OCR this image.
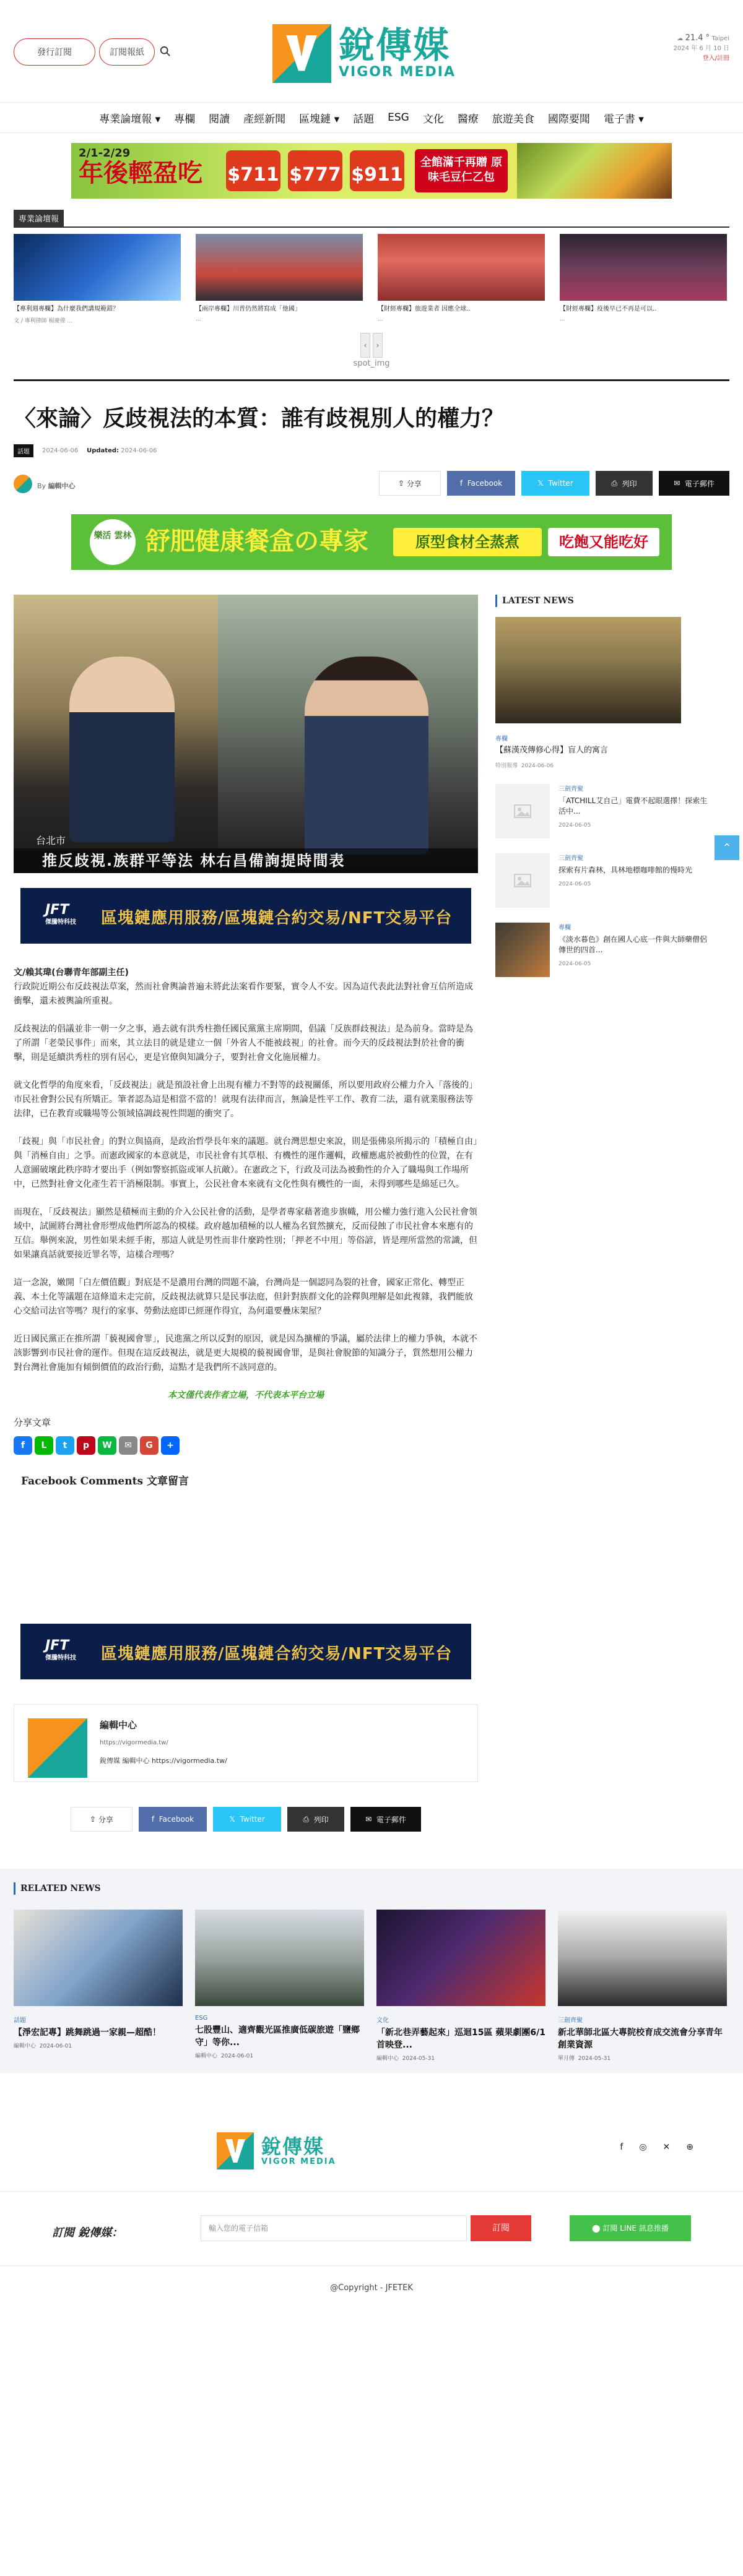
發行訂閱	訂閱報紙	銳傳媒
VIGOR MEDIA
☁ 21.4 ° Taipei
2024 年 6 月 10 日
登入/註冊
專業論壇報 ▾ 專欄 閱讀 產經新聞 區塊鏈 ▾ 話題 ESG 文化 醫療 旅遊美食 國際要聞 電子書 ▾
2/1-2/29
年後輕盈吃 $711 $777 $911
全館滿千再贈 原味毛豆仁乙包
專業論壇報
【專利週專欄】為什麼我們講規範錯？
文 / 專利律師 楊慶偉 ...
【兩岸專欄】川普仍然將寫成「他國」
...
【財經專欄】旅遊業者 因應全球..
...
【財經專欄】疫後早已不再是可以..
...
‹	›
spot_img
〈來論〉反歧視法的本質：誰有歧視別人的權力？
話題	2024-06-06 Updated: 2024-06-06
By 編輯中心	⇪ 分享	f Facebook	𝕏 Twitter	⎙ 列印	✉ 電子郵件
樂活 雲林 舒肥健康餐盒の專家	原型食材全蒸煮	吃飽又能吃好
台北市
推反歧視.族群平等法 林右昌備詢提時間表
JFT
傑騰特科技 區塊鏈應用服務/區塊鏈合約交易/NFT交易平台

文/賴其瑋(台聯青年部副主任)

行政院近期公布反歧視法草案，然而社會輿論普遍未將此法案看作要緊，實令人不安。因為這代表此法對社會互信所造成衝擊，還未被輿論所重視。

反歧視法的倡議並非一朝一夕之事，過去就有洪秀柱擔任國民黨黨主席期間，倡議「反族群歧視法」是為前身。當時是為了所謂「老榮民事件」而來，其立法目的就是建立一個「外省人不能被歧視」的社會。而今天的反歧視法對於社會的衝擊，則是延續洪秀柱的別有居心，更是官僚與知識分子，要對社會文化施展權力。

就文化哲學的角度來看，「反歧視法」就是預設社會上出現有權力不對等的歧視關係，所以要用政府公權力介入「落後的」市民社會對公民有所矯正。筆者認為這是相當不當的！就現有法律而言，無論是性平工作、教育二法，還有就業服務法等法律，已在教育或職場等公領域協調歧視性問題的衝突了。

「歧視」與「市民社會」的對立與協商，是政治哲學長年來的議題。就台灣思想史來說，則是張佛泉所揭示的「積極自由」與「消極自由」之爭。而憲政國家的本意就是，市民社會有其草根、有機性的運作邏輯，政權應處於被動性的位置，在有人意圖破壞此秩序時才要出手（例如警察抓盜或軍人抗敵）。在憲政之下，行政及司法為被動性的介入了職場與工作場所中，已然對社會文化產生若干消極限制。事實上，公民社會本來就有文化性與有機性的一面，未得到哪些是綿延已久。

而現在，「反歧視法」顯然是積極而主動的介入公民社會的活動，是學者專家藉著進步旗幟，用公權力強行進入公民社會領域中，試圖將台灣社會形塑成他們所認為的模樣。政府越加積極的以人權為名貿然擴充，反而侵蝕了市民社會本來應有的互信。舉例來說，男性如果未經手術，那這人就是男性而非什麼跨性別；「押老不中用」等俗諺，皆是理所當然的常識，但如果讓真話就要接近罪名等，這樣合理嗎？

這一念說，嫩開「白左價值觀」對底是不是濃用台灣的問題不論，台灣尚是一個認同為裂的社會，國家正常化、轉型正義、本土化等議題在這條道未走完前，反歧視法就算只是民事法庭，但針對族群文化的詮釋與理解是如此複雜，我們能放心交給司法官等嗎？現行的家事、勞動法庭即已經運作得宜，為何還要疊床架屋？

近日國民黨正在推所謂「藐視國會罪」，民進黨之所以反對的原因，就是因為擴權的爭議，屬於法律上的權力爭執，本就不該影響到市民社會的運作。但現在這反歧視法，就是更大規模的藐視國會罪，是與社會脫節的知識分子，質然想用公權力對台灣社會施加有傾倒價值的政治行動，這點才是我們所不該同意的。

本文僅代表作者立場，不代表本平台立場
分享文章
f	L	t	p	W	✉	G	+
Facebook Comments 文章留言
JFT
傑騰特科技 區塊鏈應用服務/區塊鏈合約交易/NFT交易平台
編輯中心
https://vigormedia.tw/
銳傳媒 編輯中心 https://vigormedia.tw/
⇪ 分享	f Facebook	𝕏 Twitter	⎙ 列印	✉ 電子郵件
LATEST NEWS
專欄
【蘇漢茂傳修心得】盲人的寓言
特別報導 2024-06-06
三劍齊聚
「ATCHILL艾自己」電費不起眼選擇！探索生活中...
2024-06-05
三劍齊聚
探索有片森林，具林地標咖啡館的慢時光
2024-06-05
專欄
《淡水暮色》創在國人心底一件與大師藥僧侶傳世的四首...
2024-06-05
RELATED NEWS
話題
【淨宏記專】跳舞跳過一家親—超酷！
編輯中心 2024-06-01
ESG
七股豐山、適齊觀光區推廣低碳旅遊「鹽鄉守」等你...
編輯中心 2024-06-01
文化
「新北巷弄藝起來」巡迴15區 蘋果劇團6/1首映登...
編輯中心 2024-05-31
三劍齊聚
新北華師北區大專院校育成交流會分享青年創業資源
單月傳 2024-05-31
銳傳媒
VIGOR MEDIA
f ◎ ✕ ⊕
訂閱 銳傳媒：	輸入您的電子信箱	訂閱	⬤ 訂閱 LINE 訊息推播
@Copyright - JFETEK
⌃
